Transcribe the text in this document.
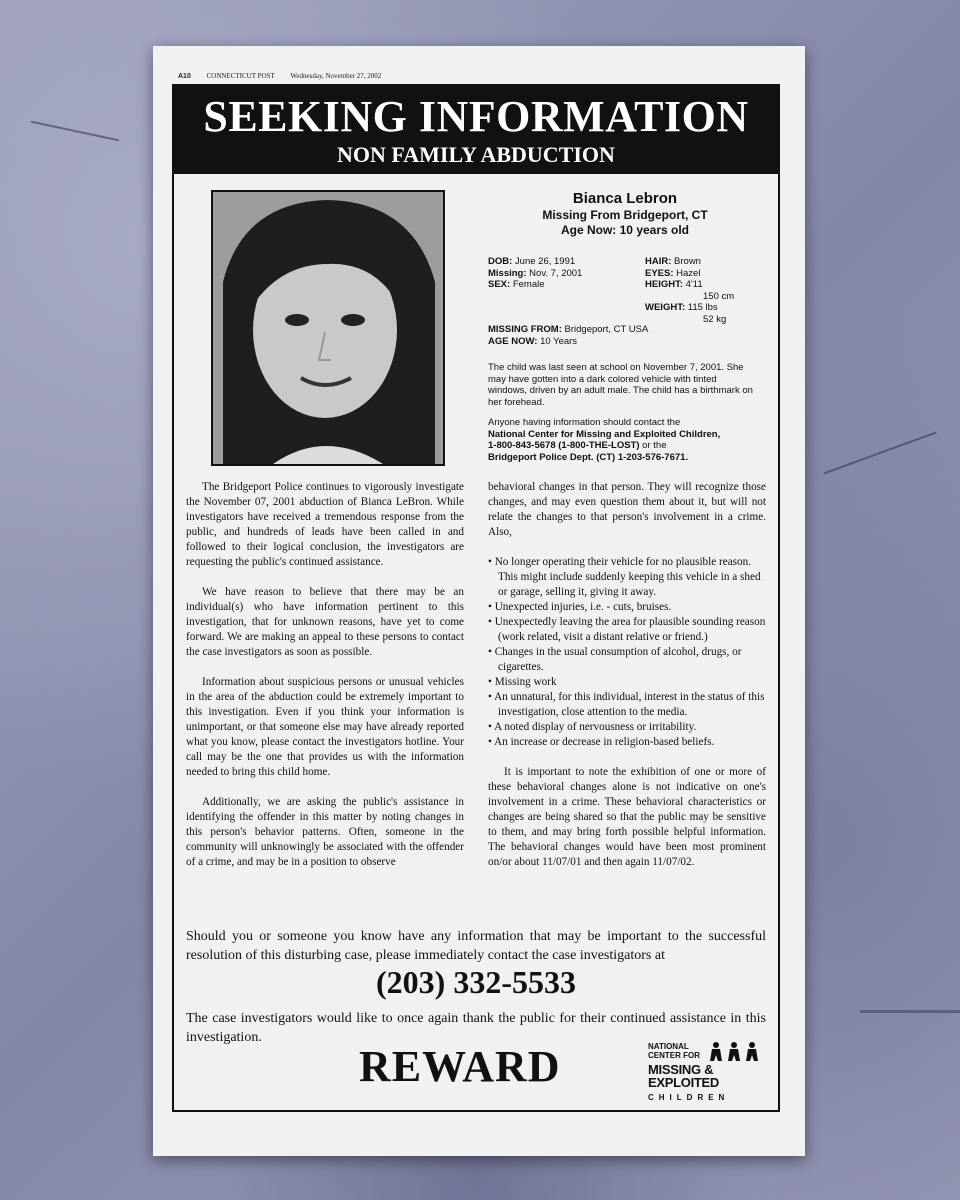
A10 CONNECTICUT POST Wednesday, November 27, 2002
SEEKING INFORMATION
NON FAMILY ABDUCTION
Bianca Lebron
Missing From Bridgeport, CT
Age Now: 10 years old
DOB: June 26, 1991
Missing: Nov. 7, 2001
SEX: Female
HAIR: Brown
EYES: Hazel
HEIGHT: 4'11
150 cm
WEIGHT: 115 lbs
52 kg
MISSING FROM: Bridgeport, CT USA
AGE NOW: 10 Years
The child was last seen at school on November 7, 2001. She may have gotten into a dark colored vehicle with tinted windows, driven by an adult male. The child has a birthmark on her forehead.
Anyone having information should contact the
National Center for Missing and Exploited Children,
1-800-843-5678 (1-800-THE-LOST) or the
Bridgeport Police Dept. (CT) 1-203-576-7671.

The Bridgeport Police continues to vigorously investigate the November 07, 2001 abduction of Bianca LeBron. While investigators have received a tremendous response from the public, and hundreds of leads have been called in and followed to their logical conclusion, the investigators are requesting the public's continued assistance.

We have reason to believe that there may be an individual(s) who have information pertinent to this investigation, that for unknown reasons, have yet to come forward. We are making an appeal to these persons to contact the case investigators as soon as possible.

Information about suspicious persons or unusual vehicles in the area of the abduction could be extremely important to this investigation. Even if you think your information is unimportant, or that someone else may have already reported what you know, please contact the investigators hotline. Your call may be the one that provides us with the information needed to bring this child home.

Additionally, we are asking the public's assistance in identifying the offender in this matter by noting changes in this person's behavior patterns. Often, someone in the community will unknowingly be associated with the offender of a crime, and may be in a position to observe

behavioral changes in that person. They will recognize those changes, and may even question them about it, but will not relate the changes to that person's involvement in a crime. Also,
• No longer operating their vehicle for no plausible reason. This might include suddenly keeping this vehicle in a shed or garage, selling it, giving it away.
• Unexpected injuries, i.e. - cuts, bruises.
• Unexpectedly leaving the area for plausible sounding reason (work related, visit a distant relative or friend.)
• Changes in the usual consumption of alcohol, drugs, or cigarettes.
• Missing work
• An unnatural, for this individual, interest in the status of this investigation, close attention to the media.
• A noted display of nervousness or irritability.
• An increase or decrease in religion-based beliefs.

It is important to note the exhibition of one or more of these behavioral changes alone is not indicative on one's involvement in a crime. These behavioral characteristics or changes are being shared so that the public may be sensitive to them, and may bring forth possible helpful information. The behavioral changes would have been most prominent on/or about 11/07/01 and then again 11/07/02.

Should you or someone you know have any information that may be important to the successful resolution of this disturbing case, please immediately contact the case investigators at
(203) 332-5533
The case investigators would like to once again thank the public for their continued assistance in this investigation.
REWARD	NATIONAL
CENTER FOR
MISSING &
EXPLOITED
CHILDREN
